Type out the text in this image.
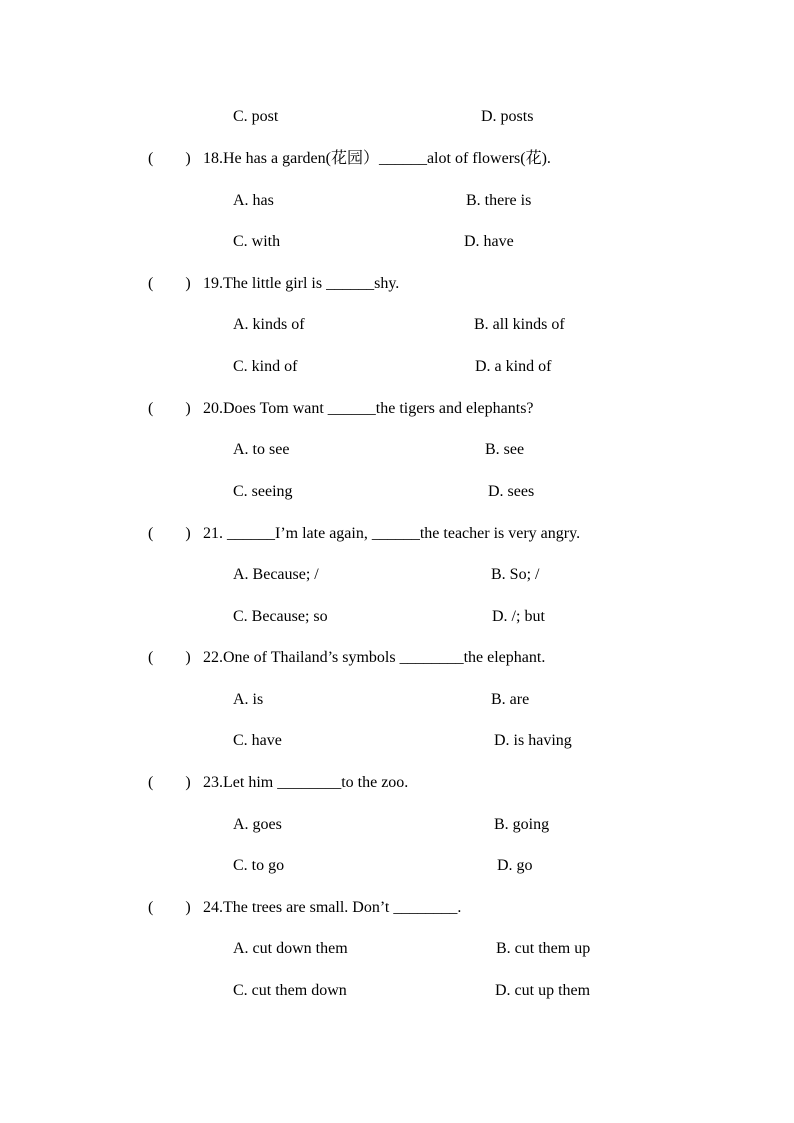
C. post	D. posts
(　　) 18.He has a garden(花园）______alot of flowers(花).
A. has	B. there is
C. with	D. have
(　　) 19.The little girl is ______shy.
A. kinds of	B. all kinds of
C. kind of	D. a kind of
(　　) 20.Does Tom want ______the tigers and elephants?
A. to see	B. see
C. seeing	D. sees
(　　) 21. ______I’m late again, ______the teacher is very angry.
A. Because; /	B. So; /
C. Because; so	D. /; but
(　　) 22.One of Thailand’s symbols ________the elephant.
A. is	B. are
C. have	D. is having
(　　) 23.Let him ________to the zoo.
A. goes	B. going
C. to go	D. go
(　　) 24.The trees are small. Don’t ________.
A. cut down them	B. cut them up
C. cut them down	D. cut up them
